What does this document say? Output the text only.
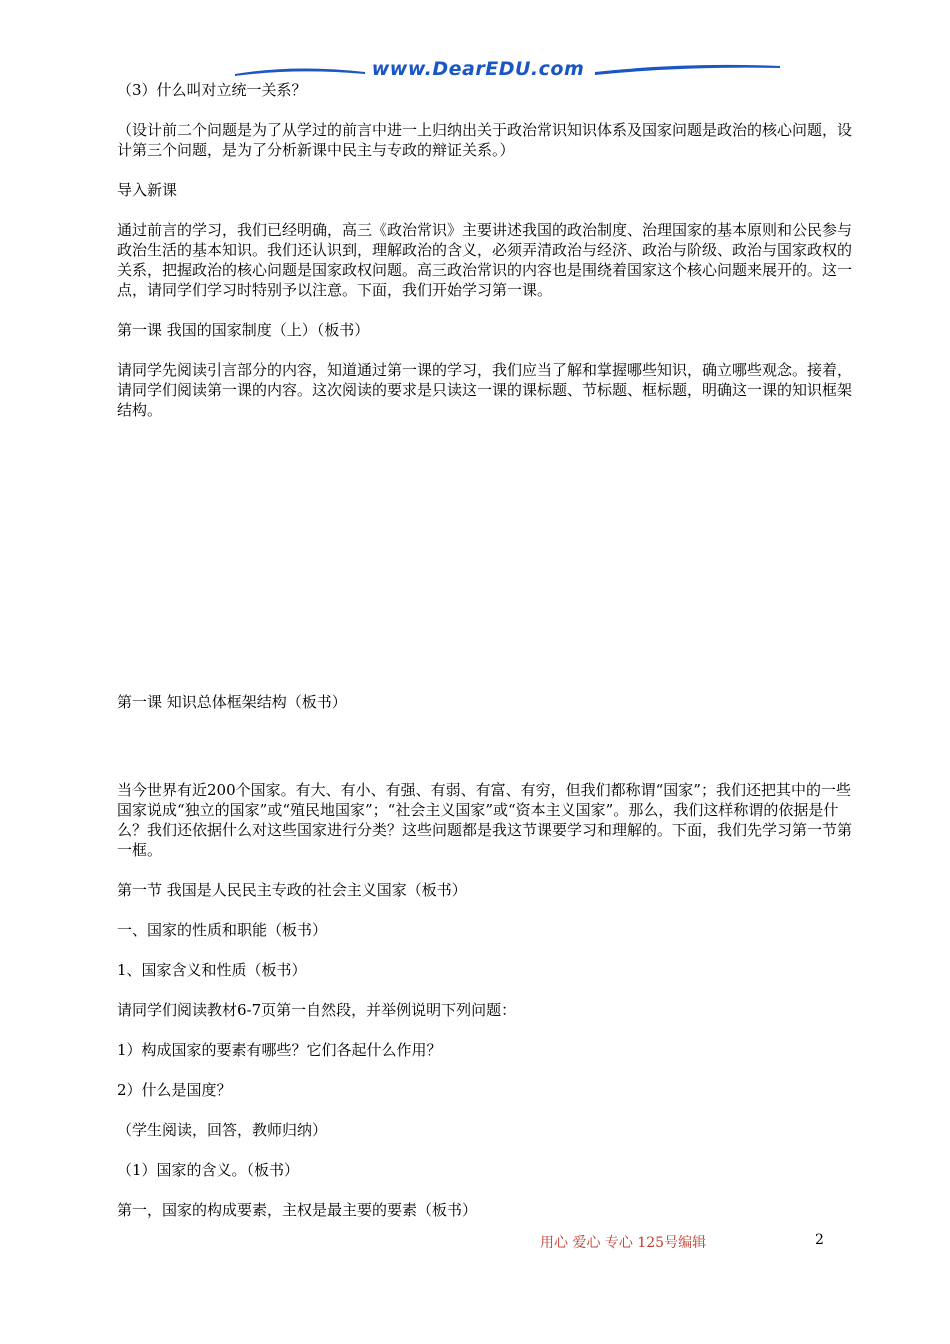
www.DearEDU.com

（3）什么叫对立统一关系？

（设计前二个问题是为了从学过的前言中进一上归纳出关于政治常识知识体系及国家问题是政治的核心问题，设计第三个问题，是为了分析新课中民主与专政的辩证关系。）

导入新课

通过前言的学习，我们已经明确，高三《政治常识》主要讲述我国的政治制度、治理国家的基本原则和公民参与政治生活的基本知识。我们还认识到，理解政治的含义，必须弄清政治与经济、政治与阶级、政治与国家政权的关系，把握政治的核心问题是国家政权问题。高三政治常识的内容也是围绕着国家这个核心问题来展开的。这一点，请同学们学习时特别予以注意。下面，我们开始学习第一课。

第一课 我国的国家制度（上）（板书）

请同学先阅读引言部分的内容，知道通过第一课的学习，我们应当了解和掌握哪些知识，确立哪些观念。接着，请同学们阅读第一课的内容。这次阅读的要求是只读这一课的课标题、节标题、框标题，明确这一课的知识框架结构。

第一课 知识总体框架结构（板书）

当今世界有近200个国家。有大、有小、有强、有弱、有富、有穷，但我们都称谓“国家”；我们还把其中的一些国家说成“独立的国家”或“殖民地国家”；“社会主义国家”或“资本主义国家”。那么，我们这样称谓的依据是什么？我们还依据什么对这些国家进行分类？这些问题都是我这节课要学习和理解的。下面，我们先学习第一节第一框。

第一节 我国是人民民主专政的社会主义国家（板书）

一、国家的性质和职能（板书）

1、国家含义和性质（板书）

请同学们阅读教材6-7页第一自然段，并举例说明下列问题：

1）构成国家的要素有哪些？它们各起什么作用？

2）什么是国度？

（学生阅读，回答，教师归纳）

（1）国家的含义。（板书）

第一，国家的构成要素，主权是最主要的要素（板书）

用心 爱心 专心 125号编辑	2
